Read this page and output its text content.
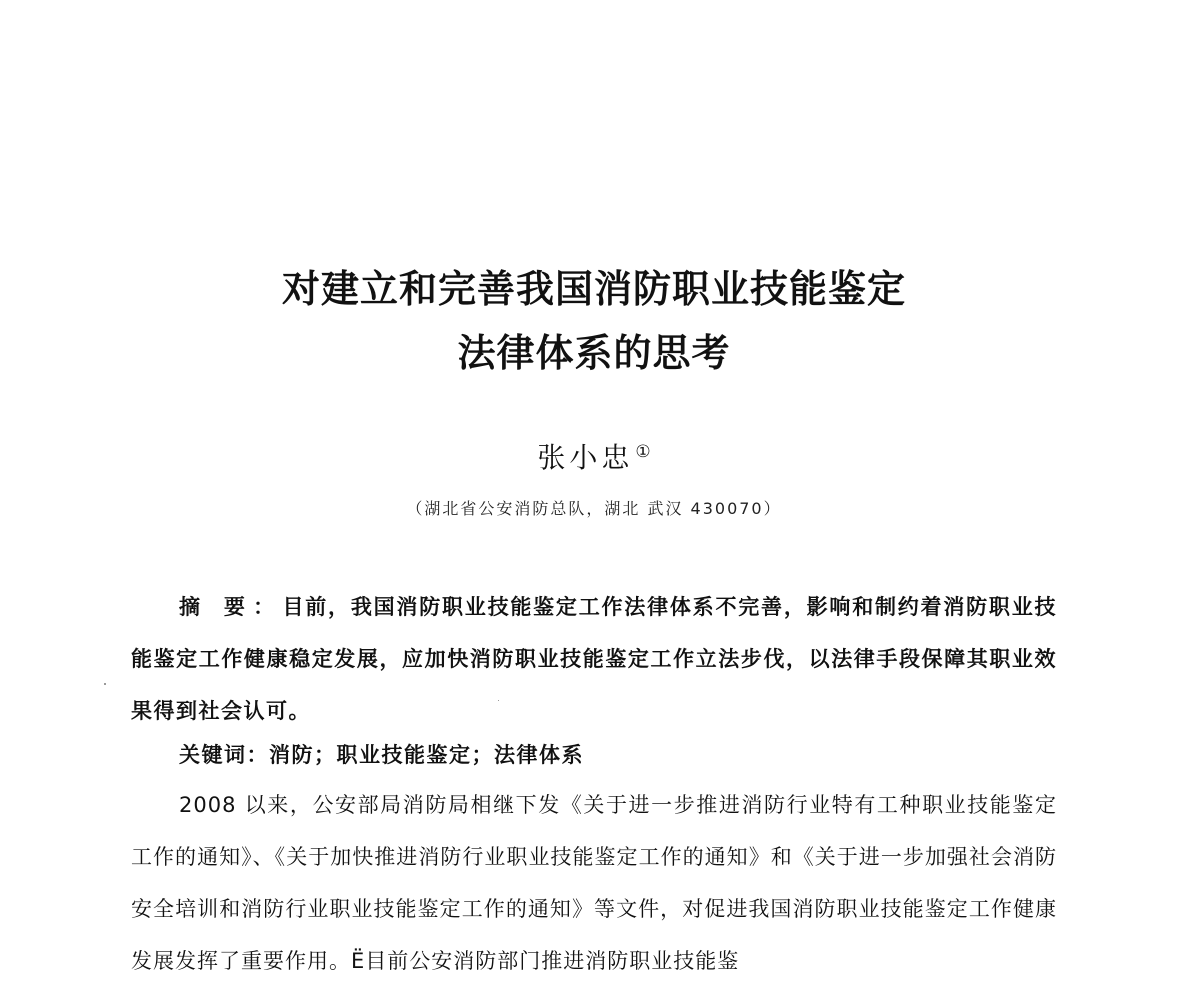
对建立和完善我国消防职业技能鉴定
法律体系的思考
张小忠 ①
（湖北省公安消防总队，湖北 武汉 430070）

摘 要：目前，我国消防职业技能鉴定工作法律体系不完善，影响和制约着消防职业技能鉴定工作健康稳定发展，应加快消防职业技能鉴定工作立法步伐，以法律手段保障其职业效果得到社会认可。

关键词：消防；职业技能鉴定；法律体系

2008 以来，公安部局消防局相继下发《关于进一步推进消防行业特有工种职业技能鉴定工作的通知》、《关于加快推进消防行业职业技能鉴定工作的通知》和《关于进一步加强社会消防安全培训和消防行业职业技能鉴定工作的通知》等文件，对促进我国消防职业技能鉴定工作健康发展发挥了重要作用。Ё目前公安消防部门推进消防职业技能鉴
